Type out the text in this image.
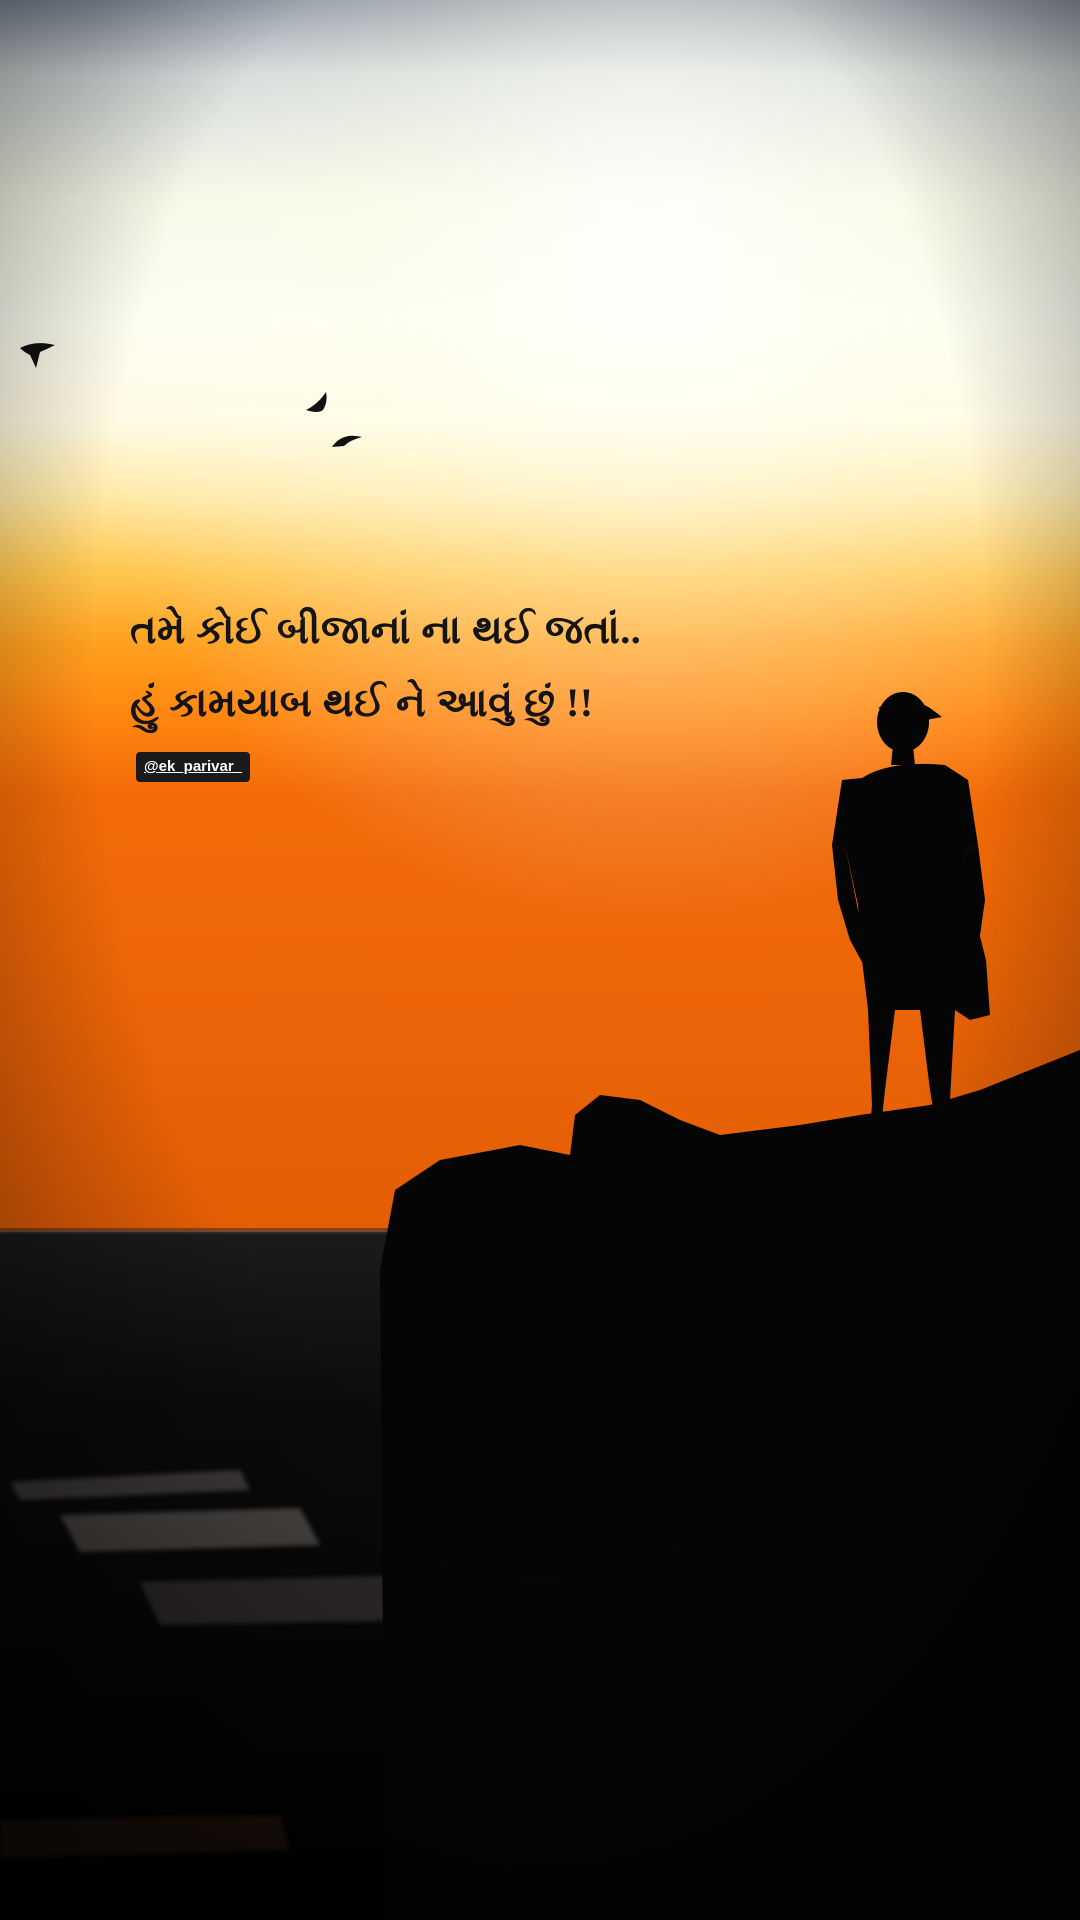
તમે કોઈ બીજાનાં ના થઈ જતાં..

હું કામયાબ થઈ ને આવું છું !!

@ek_parivar_
